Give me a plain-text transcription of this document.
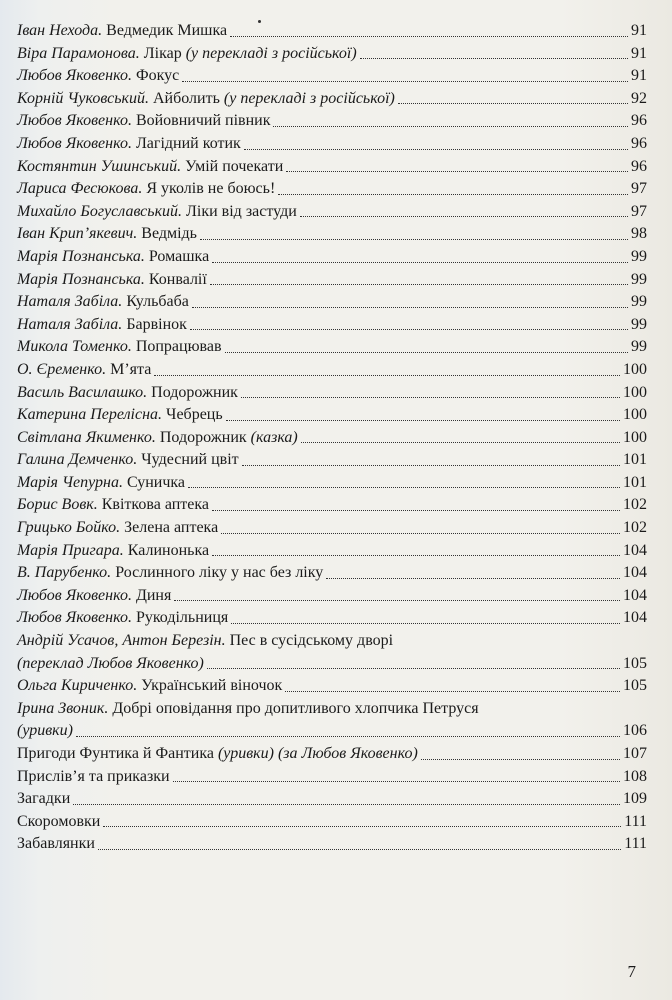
Іван Нехода. Ведмедик Мишка	91
Віра Парамонова. Лікар (у перекладі з російської)	91
Любов Яковенко. Фокус	91
Корній Чуковський. Айболить (у перекладі з російської)	92
Любов Яковенко. Войовничий півник	96
Любов Яковенко. Лагідний котик	96
Костянтин Ушинський. Умій почекати	96
Лариса Фесюкова. Я уколів не боюсь!	97
Михайло Богуславський. Ліки від застуди	97
Іван Крип’якевич. Ведмідь	98
Марія Познанська. Ромашка	99
Марія Познанська. Конвалії	99
Наталя Забіла. Кульбаба	99
Наталя Забіла. Барвінок	99
Микола Томенко. Попрацював	99
О. Єременко. М’ята	100
Василь Василашко. Подорожник	100
Катерина Перелісна. Чебрець	100
Світлана Якименко. Подорожник (казка)	100
Галина Демченко. Чудесний цвіт	101
Марія Чепурна. Суничка	101
Борис Вовк. Квіткова аптека	102
Грицько Бойко. Зелена аптека	102
Марія Пригара. Калинонька	104
В. Парубенко. Рослинного ліку у нас без ліку	104
Любов Яковенко. Диня	104
Любов Яковенко. Рукодільниця	104
Андрій Усачов, Антон Березін. Пес в сусідському дворі
(переклад Любов Яковенко)	105
Ольга Кириченко. Український віночок	105
Ірина Звоник. Добрі оповідання про допитливого хлопчика Петруся
(уривки)	106
Пригоди Фунтика й Фантика (уривки) (за Любов Яковенко)	107
Прислів’я та приказки	108
Загадки	109
Скоромовки	111
Забавлянки	111
7
